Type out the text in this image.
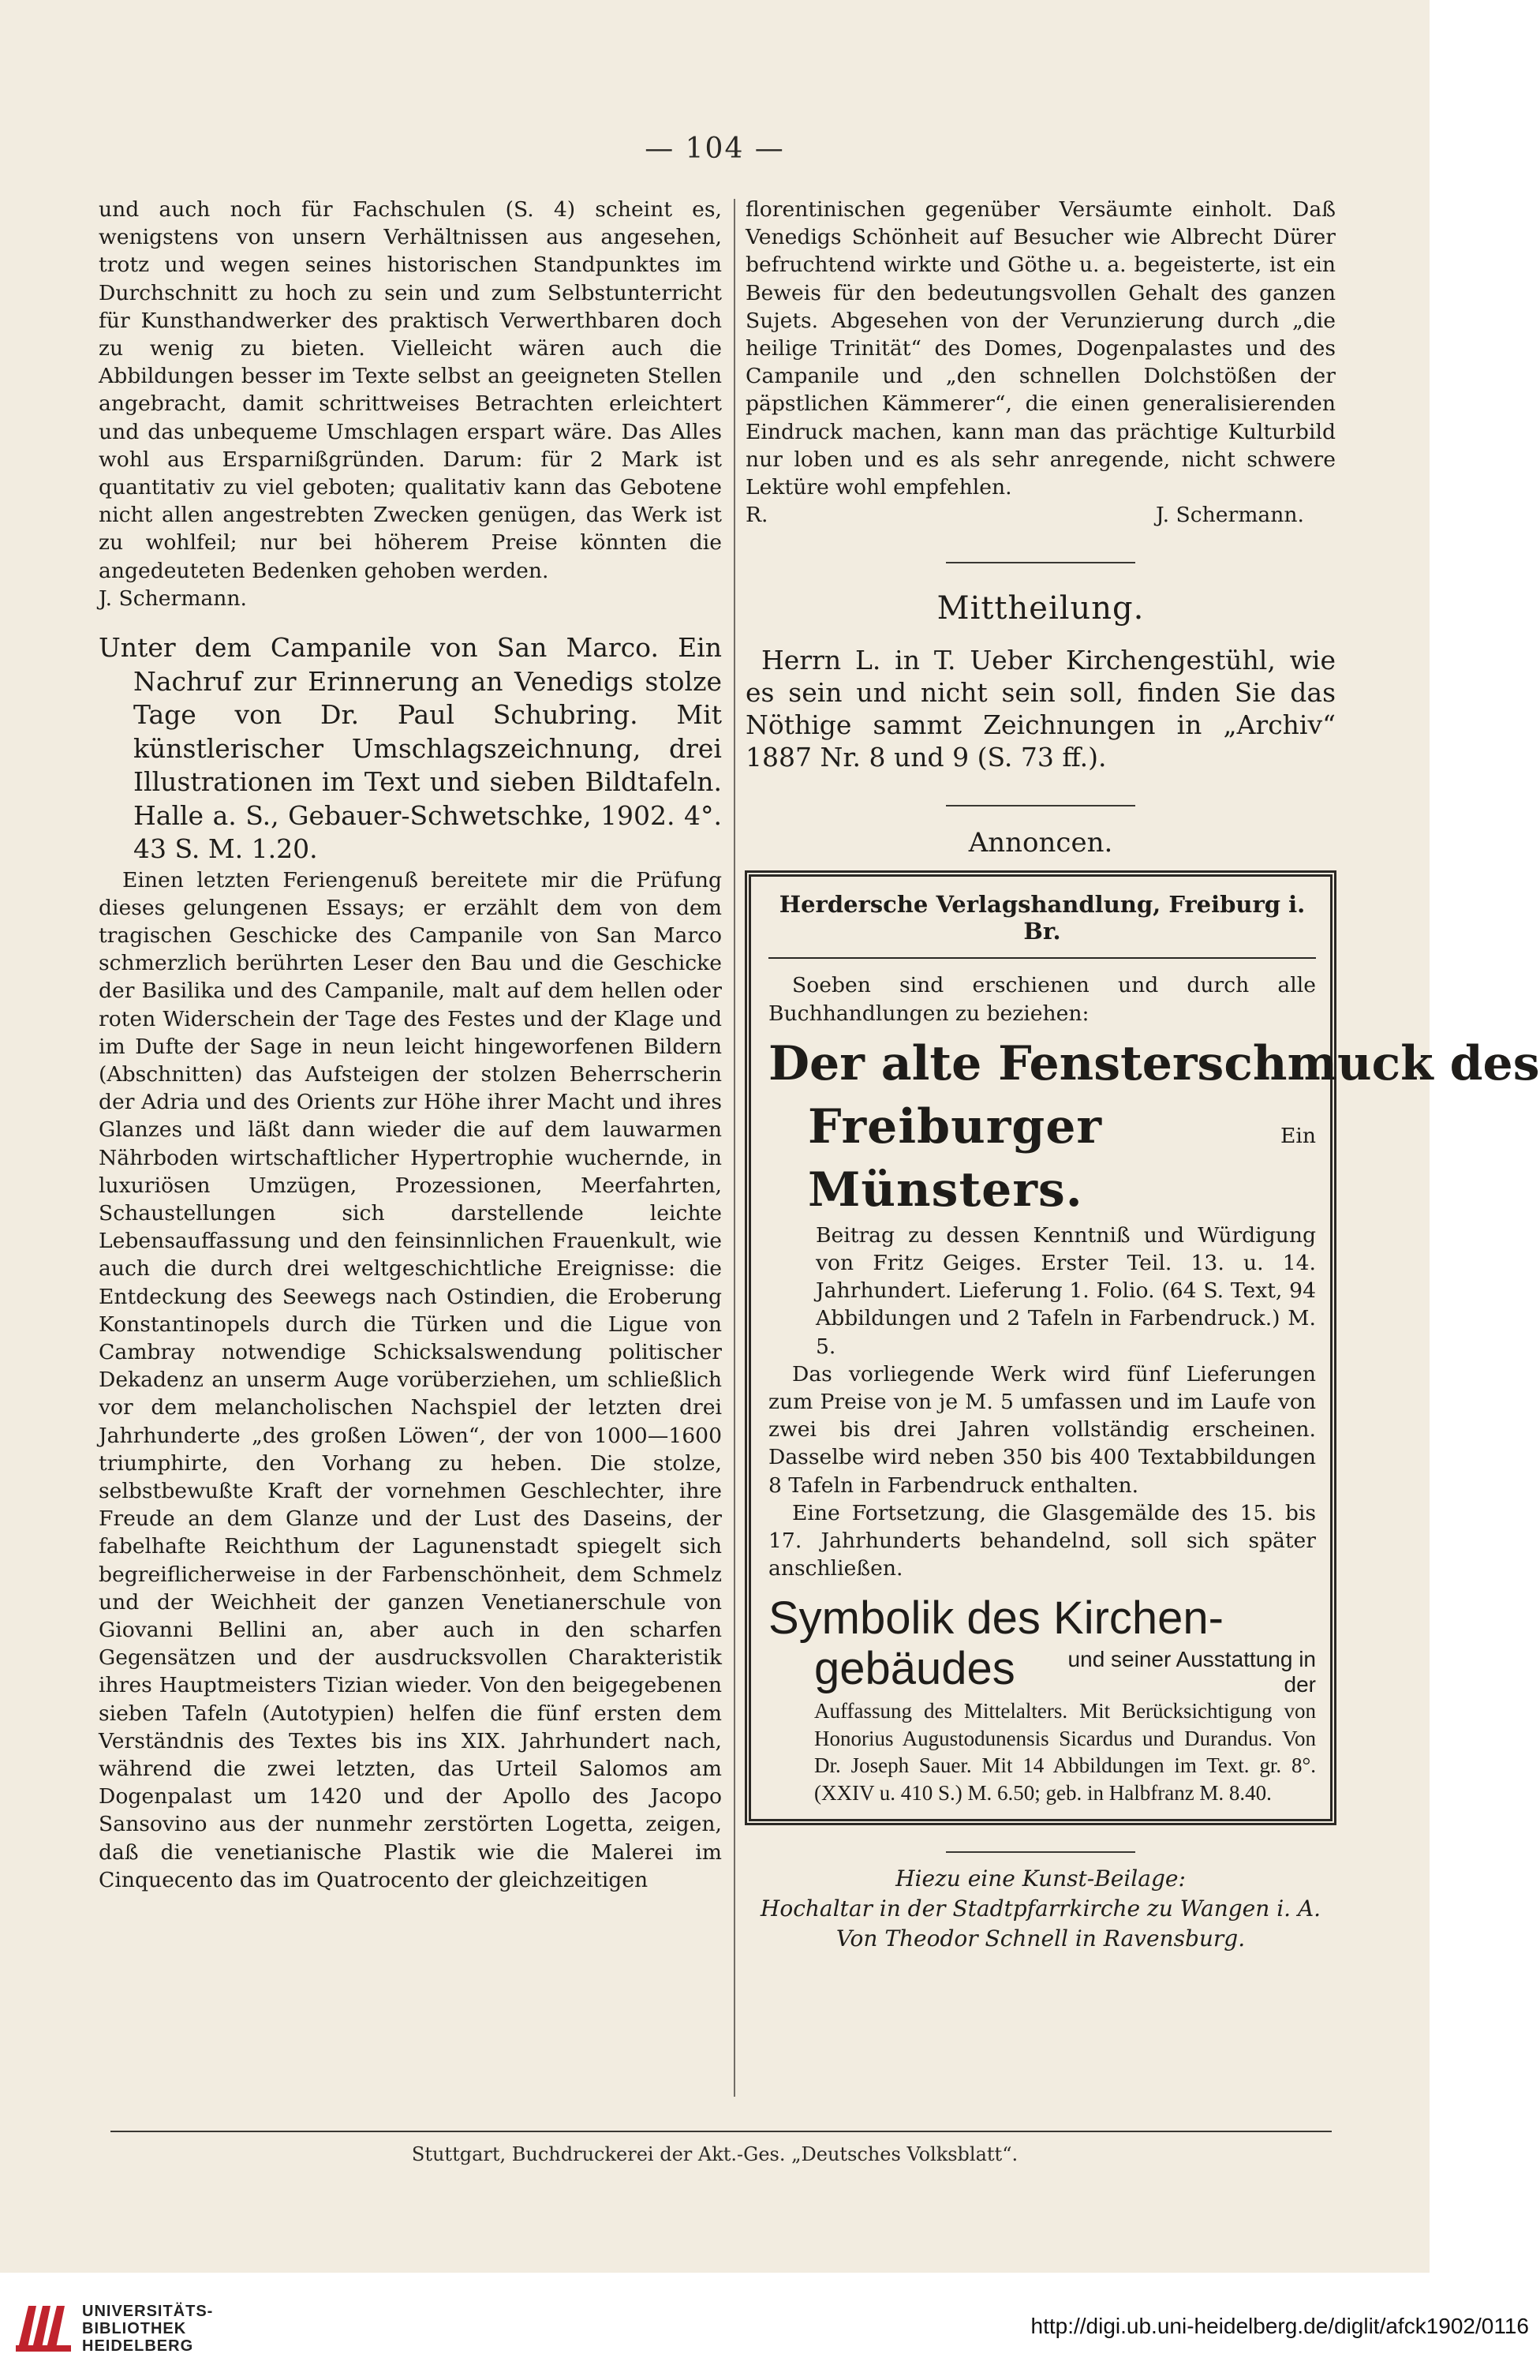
— 104 —

und auch noch für Fachschulen (S. 4) scheint es, wenigstens von unsern Verhältnissen aus angesehen, trotz und wegen seines historischen Standpunktes im Durchschnitt zu hoch zu sein und zum Selbstunterricht für Kunsthandwerker des praktisch Verwerthbaren doch zu wenig zu bieten. Vielleicht wären auch die Abbildungen besser im Texte selbst an geeigneten Stellen angebracht, damit schrittweises Betrachten erleichtert und das unbequeme Umschlagen erspart wäre. Das Alles wohl aus Ersparnißgründen. Darum: für 2 Mark ist quantitativ zu viel geboten; qualitativ kann das Gebotene nicht allen angestrebten Zwecken genügen, das Werk ist zu wohlfeil; nur bei höherem Preise könnten die angedeuteten Bedenken gehoben werden.

J. Schermann.

Unter dem Campanile von San Marco. Ein Nachruf zur Erinnerung an Venedigs stolze Tage von Dr. Paul Schubring. Mit künstlerischer Umschlagszeichnung, drei Illustrationen im Text und sieben Bildtafeln. Halle a. S., Gebauer-Schwetschke, 1902. 4°. 43 S. M. 1.20.

Einen letzten Feriengenuß bereitete mir die Prüfung dieses gelungenen Essays; er erzählt dem von dem tragischen Geschicke des Campanile von San Marco schmerzlich berührten Leser den Bau und die Geschicke der Basilika und des Campanile, malt auf dem hellen oder roten Widerschein der Tage des Festes und der Klage und im Dufte der Sage in neun leicht hingeworfenen Bildern (Abschnitten) das Aufsteigen der stolzen Beherrscherin der Adria und des Orients zur Höhe ihrer Macht und ihres Glanzes und läßt dann wieder die auf dem lauwarmen Nährboden wirtschaftlicher Hypertrophie wuchernde, in luxuriösen Umzügen, Prozessionen, Meerfahrten, Schaustellungen sich darstellende leichte Lebensauffassung und den feinsinnlichen Frauenkult, wie auch die durch drei weltgeschichtliche Ereignisse: die Entdeckung des Seewegs nach Ostindien, die Eroberung Konstantinopels durch die Türken und die Ligue von Cambray notwendige Schicksalswendung politischer Dekadenz an unserm Auge vorüberziehen, um schließlich vor dem melancholischen Nachspiel der letzten drei Jahrhunderte „des großen Löwen“, der von 1000—1600 triumphirte, den Vorhang zu heben. Die stolze, selbstbewußte Kraft der vornehmen Geschlechter, ihre Freude an dem Glanze und der Lust des Daseins, der fabelhafte Reichthum der Lagunenstadt spiegelt sich begreiflicherweise in der Farbenschönheit, dem Schmelz und der Weichheit der ganzen Venetianerschule von Giovanni Bellini an, aber auch in den scharfen Gegensätzen und der ausdrucksvollen Charakteristik ihres Hauptmeisters Tizian wieder. Von den beigegebenen sieben Tafeln (Autotypien) helfen die fünf ersten dem Verständnis des Textes bis ins XIX. Jahrhundert nach, während die zwei letzten, das Urteil Salomos am Dogenpalast um 1420 und der Apollo des Jacopo Sansovino aus der nunmehr zerstörten Logetta, zeigen, daß die venetianische Plastik wie die Malerei im Cinquecento das im Quatrocento der gleichzeitigen

florentinischen gegenüber Versäumte einholt. Daß Venedigs Schönheit auf Besucher wie Albrecht Dürer befruchtend wirkte und Göthe u. a. begeisterte, ist ein Beweis für den bedeutungsvollen Gehalt des ganzen Sujets. Abgesehen von der Verunzierung durch „die heilige Trinität“ des Domes, Dogenpalastes und des Campanile und „den schnellen Dolchstößen der päpstlichen Kämmerer“, die einen generalisierenden Eindruck machen, kann man das prächtige Kulturbild nur loben und es als sehr anregende, nicht schwere Lektüre wohl empfehlen.

R.	J. Schermann.
Mittheilung.

Herrn L. in T. Ueber Kirchengestühl, wie es sein und nicht sein soll, finden Sie das Nöthige sammt Zeichnungen in „Archiv“ 1887 Nr. 8 und 9 (S. 73 ff.).

Annoncen.
Herdersche Verlagshandlung, Freiburg i. Br.

Soeben sind erschienen und durch alle Buchhandlungen zu beziehen:

Der alte Fensterschmuck des
Freiburger Münsters.
Ein

Beitrag zu dessen Kenntniß und Würdigung von Fritz Geiges. Erster Teil. 13. u. 14. Jahrhundert. Lieferung 1. Folio. (64 S. Text, 94 Abbildungen und 2 Tafeln in Farbendruck.) M. 5.

Das vorliegende Werk wird fünf Lieferungen zum Preise von je M. 5 umfassen und im Laufe von zwei bis drei Jahren vollständig erscheinen. Dasselbe wird neben 350 bis 400 Textabbildungen 8 Tafeln in Farbendruck enthalten.

Eine Fortsetzung, die Glasgemälde des 15. bis 17. Jahrhunderts behandelnd, soll sich später anschließen.

Symbolik des Kirchen-
gebäudes	und seiner Ausstattung in der

Auffassung des Mittelalters. Mit Berücksichtigung von Honorius Augustodunensis Sicardus und Durandus. Von Dr. Joseph Sauer. Mit 14 Abbildungen im Text. gr. 8°. (XXIV u. 410 S.) M. 6.50; geb. in Halbfranz M. 8.40.

Hiezu eine Kunst-Beilage:
Hochaltar in der Stadtpfarrkirche zu Wangen i. A.
Von Theodor Schnell in Ravensburg.
Stuttgart, Buchdruckerei der Akt.-Ges. „Deutsches Volksblatt“.
UNIVERSITÄTS-
BIBLIOTHEK
HEIDELBERG
http://digi.ub.uni-heidelberg.de/diglit/afck1902/0116
